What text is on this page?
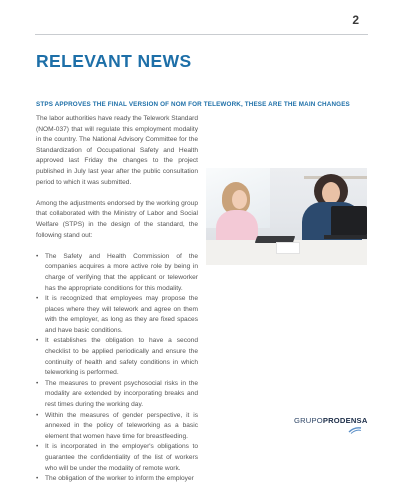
2
RELEVANT NEWS
STPS APPROVES THE FINAL VERSION OF NOM FOR TELEWORK, THESE ARE THE MAIN CHANGES

The labor authorities have ready the Telework Standard (NOM-037) that will regulate this employment modality in the country. The National Advisory Committee for the Standardization of Occupational Safety and Health approved last Friday the changes to the project published in July last year after the public consultation period to which it was submitted.

Among the adjustments endorsed by the working group that collaborated with the Ministry of Labor and Social Welfare (STPS) in the design of the standard, the following stand out:

• The Safety and Health Commission of the companies acquires a more active role by being in charge of verifying that the applicant or teleworker has the appropriate conditions for this modality.
• It is recognized that employees may propose the places where they will telework and agree on them with the employer, as long as they are fixed spaces and have basic conditions.
• It establishes the obligation to have a second checklist to be applied periodically and ensure the continuity of health and safety conditions in which teleworking is performed.
• The measures to prevent psychosocial risks in the modality are extended by incorporating breaks and rest times during the working day.
• Within the measures of gender perspective, it is annexed in the policy of teleworking as a basic element that women have time for breastfeeding.
• It is incorporated in the employer's obligations to guarantee the confidentiality of the list of workers who will be under the modality of remote work.
• The obligation of the worker to inform the employer
GRUPOPRODENSA
